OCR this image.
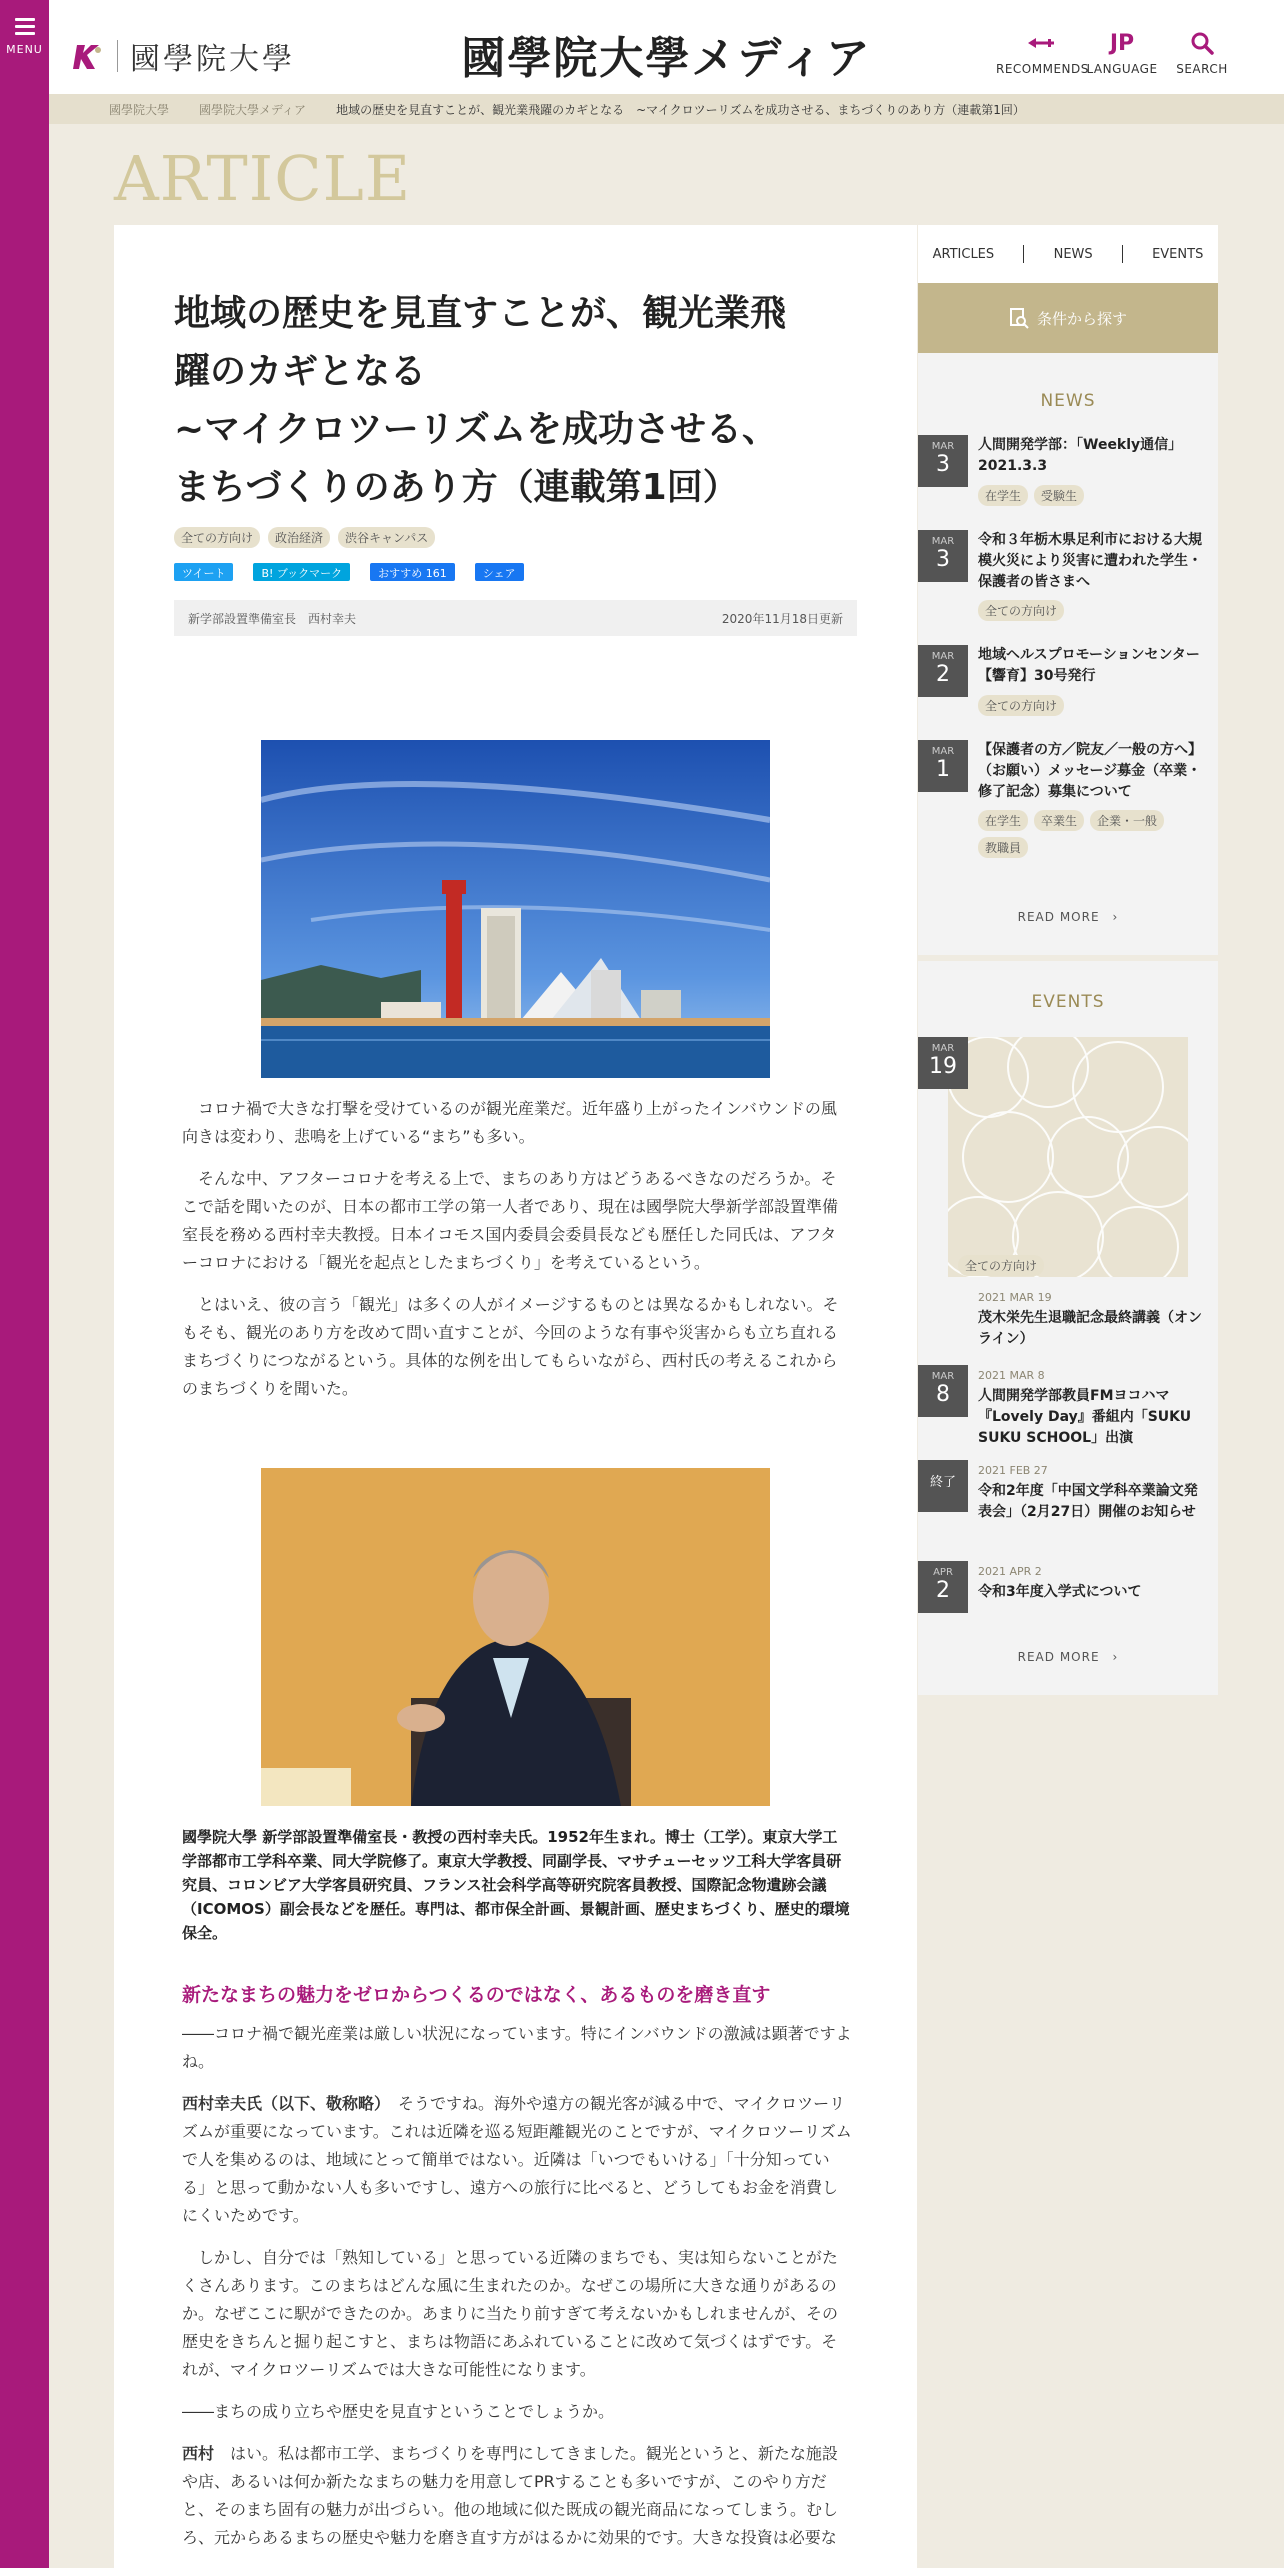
MENU	國學院大學	國學院大學メディア	RECOMMENDS
JP
LANGUAGE	SEARCH
國學院大學	國學院大學メディア	地域の歴史を見直すことが、観光業飛躍のカギとなる　~マイクロツーリズムを成功させる、まちづくりのあり方（連載第1回）
ARTICLE
地域の歴史を見直すことが、観光業飛
躍のカギとなる
~マイクロツーリズムを成功させる、
まちづくりのあり方（連載第1回）
全ての方向け	政治経済	渋谷キャンパス
ツイート	B! ブックマーク	おすすめ 161	シェア
新学部設置準備室長　西村幸夫	2020年11月18日更新

コロナ禍で大きな打撃を受けているのが観光産業だ。近年盛り上がったインバウンドの風向きは変わり、悲鳴を上げている“まち”も多い。

そんな中、アフターコロナを考える上で、まちのあり方はどうあるべきなのだろうか。そこで話を聞いたのが、日本の都市工学の第一人者であり、現在は國學院大學新学部設置準備室長を務める西村幸夫教授。日本イコモス国内委員会委員長なども歴任した同氏は、アフターコロナにおける「観光を起点としたまちづくり」を考えているという。

とはいえ、彼の言う「観光」は多くの人がイメージするものとは異なるかもしれない。そもそも、観光のあり方を改めて問い直すことが、今回のような有事や災害からも立ち直れるまちづくりにつながるという。具体的な例を出してもらいながら、西村氏の考えるこれからのまちづくりを聞いた。

國學院大學 新学部設置準備室長・教授の西村幸夫氏。1952年生まれ。博士（工学）。東京大学工学部都市工学科卒業、同大学院修了。東京大学教授、同副学長、マサチューセッツ工科大学客員研究員、コロンビア大学客員研究員、フランス社会科学高等研究院客員教授、国際記念物遺跡会議（ICOMOS）副会長などを歴任。専門は、都市保全計画、景観計画、歴史まちづくり、歴史的環境保全。
新たなまちの魅力をゼロからつくるのではなく、あるものを磨き直す

――コロナ禍で観光産業は厳しい状況になっています。特にインバウンドの激減は顕著ですよね。

西村幸夫氏（以下、敬称略）　 そうですね。海外や遠方の観光客が減る中で、マイクロツーリズムが重要になっています。これは近隣を巡る短距離観光のことですが、マイクロツーリズムで人を集めるのは、地域にとって簡単ではない。近隣は「いつでもいける」「十分知っている」と思って動かない人も多いですし、遠方への旅行に比べると、どうしてもお金を消費しにくいためです。

しかし、自分では「熟知している」と思っている近隣のまちでも、実は知らないことがたくさんあります。このまちはどんな風に生まれたのか。なぜこの場所に大きな通りがあるのか。なぜここに駅ができたのか。あまりに当たり前すぎて考えないかもしれませんが、その歴史をきちんと掘り起こすと、まちは物語にあふれていることに改めて気づくはずです。それが、マイクロツーリズムでは大きな可能性になります。

――まちの成り立ちや歴史を見直すということでしょうか。

西村　 はい。私は都市工学、まちづくりを専門にしてきました。観光というと、新たな施設や店、あるいは何か新たなまちの魅力を用意してPRすることも多いですが、このやり方だと、そのまち固有の魅力が出づらい。他の地域に似た既成の観光商品になってしまう。むしろ、元からあるまちの歴史や魅力を磨き直す方がはるかに効果的です。大きな投資は必要な

ARTICLES	NEWS	EVENTS
条件から探す
NEWS
MAR
3
人間開発学部：「Weekly通信」2021.3.3
在学生	受験生
MAR
3
令和３年栃木県足利市における大規模火災により災害に遭われた学生・保護者の皆さまへ
全ての方向け
MAR
2
地域ヘルスプロモーションセンター【響育】30号発行
全ての方向け
MAR
1
【保護者の方／院友／一般の方へ】（お願い）メッセージ募金（卒業・修了記念）募集について
在学生	卒業生	企業・一般
教職員
READ MORE　›
EVENTS
全ての方向け
MAR
19
2021 MAR 19
茂木栄先生退職記念最終講義（オンライン）
MAR
8
2021 MAR 8
人間開発学部教員FMヨコハマ『Lovely Day』番組内「SUKU SUKU SCHOOL」出演
終了
2021 FEB 27
令和2年度「中国文学科卒業論文発表会」（2月27日）開催のお知らせ
APR
2
2021 APR 2
令和3年度入学式について
READ MORE　›
